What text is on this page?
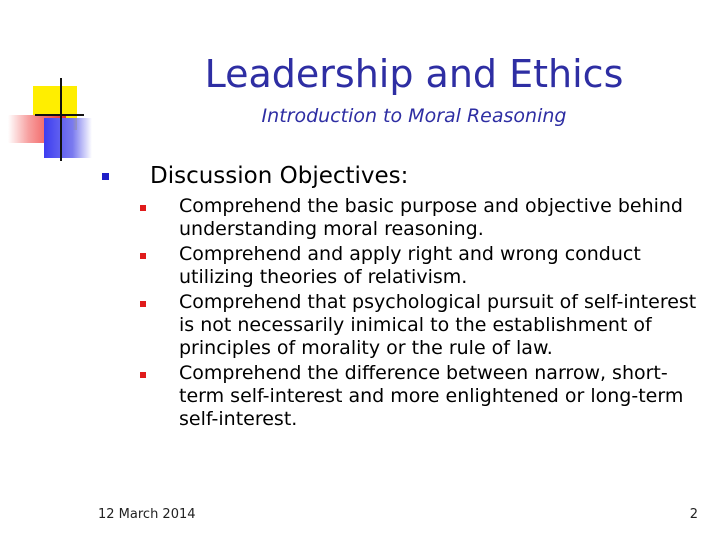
Leadership and Ethics
Introduction to Moral Reasoning
Discussion Objectives:
Comprehend the basic purpose and objective behind understanding moral reasoning.
Comprehend and apply right and wrong conduct utilizing theories of relativism.
Comprehend that psychological pursuit of self-interest is not necessarily inimical to the establishment of principles of morality or the rule of law.
Comprehend the difference between narrow, short-term self-interest and more enlightened or long-term self-interest.
12 March 2014	2
